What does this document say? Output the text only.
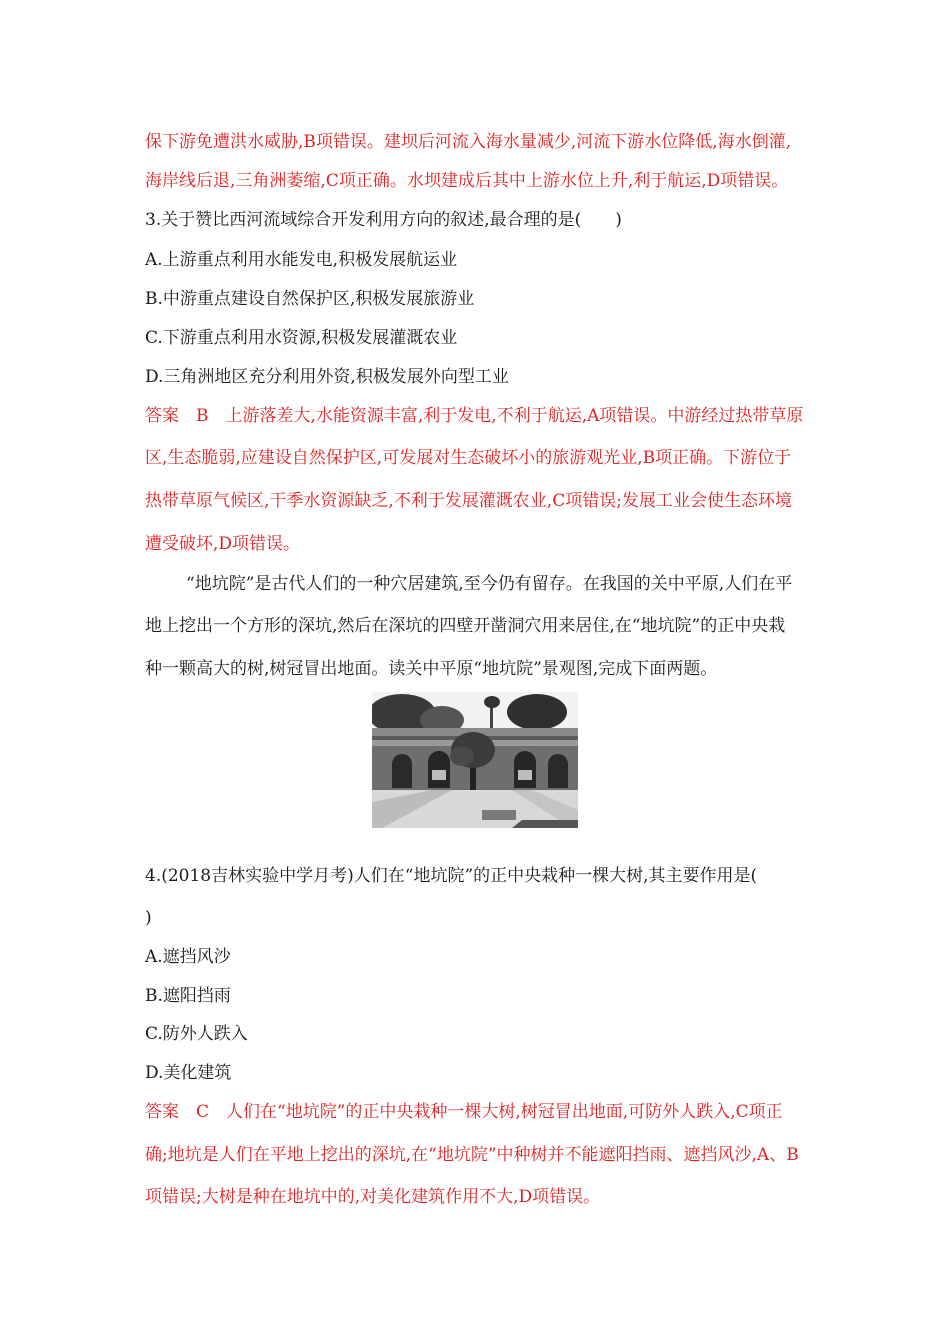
保下游免遭洪水威胁,B项错误。建坝后河流入海水量减少,河流下游水位降低,海水倒灌,
海岸线后退,三角洲萎缩,C项正确。水坝建成后其中上游水位上升,利于航运,D项错误。
3.关于赞比西河流域综合开发利用方向的叙述,最合理的是(　　)
A.上游重点利用水能发电,积极发展航运业
B.中游重点建设自然保护区,积极发展旅游业
C.下游重点利用水资源,积极发展灌溉农业
D.三角洲地区充分利用外资,积极发展外向型工业
答案　B　上游落差大,水能资源丰富,利于发电,不利于航运,A项错误。中游经过热带草原
区,生态脆弱,应建设自然保护区,可发展对生态破坏小的旅游观光业,B项正确。下游位于
热带草原气候区,干季水资源缺乏,不利于发展灌溉农业,C项错误;发展工业会使生态环境
遭受破坏,D项错误。
“地坑院”是古代人们的一种穴居建筑,至今仍有留存。在我国的关中平原,人们在平
地上挖出一个方形的深坑,然后在深坑的四壁开凿洞穴用来居住,在“地坑院”的正中央栽
种一颗高大的树,树冠冒出地面。读关中平原“地坑院”景观图,完成下面两题。
4.(2018吉林实验中学月考)人们在“地坑院”的正中央栽种一棵大树,其主要作用是(
)
A.遮挡风沙
B.遮阳挡雨
C.防外人跌入
D.美化建筑
答案　C　人们在“地坑院”的正中央栽种一棵大树,树冠冒出地面,可防外人跌入,C项正
确;地坑是人们在平地上挖出的深坑,在“地坑院”中种树并不能遮阳挡雨、遮挡风沙,A、B
项错误;大树是种在地坑中的,对美化建筑作用不大,D项错误。
